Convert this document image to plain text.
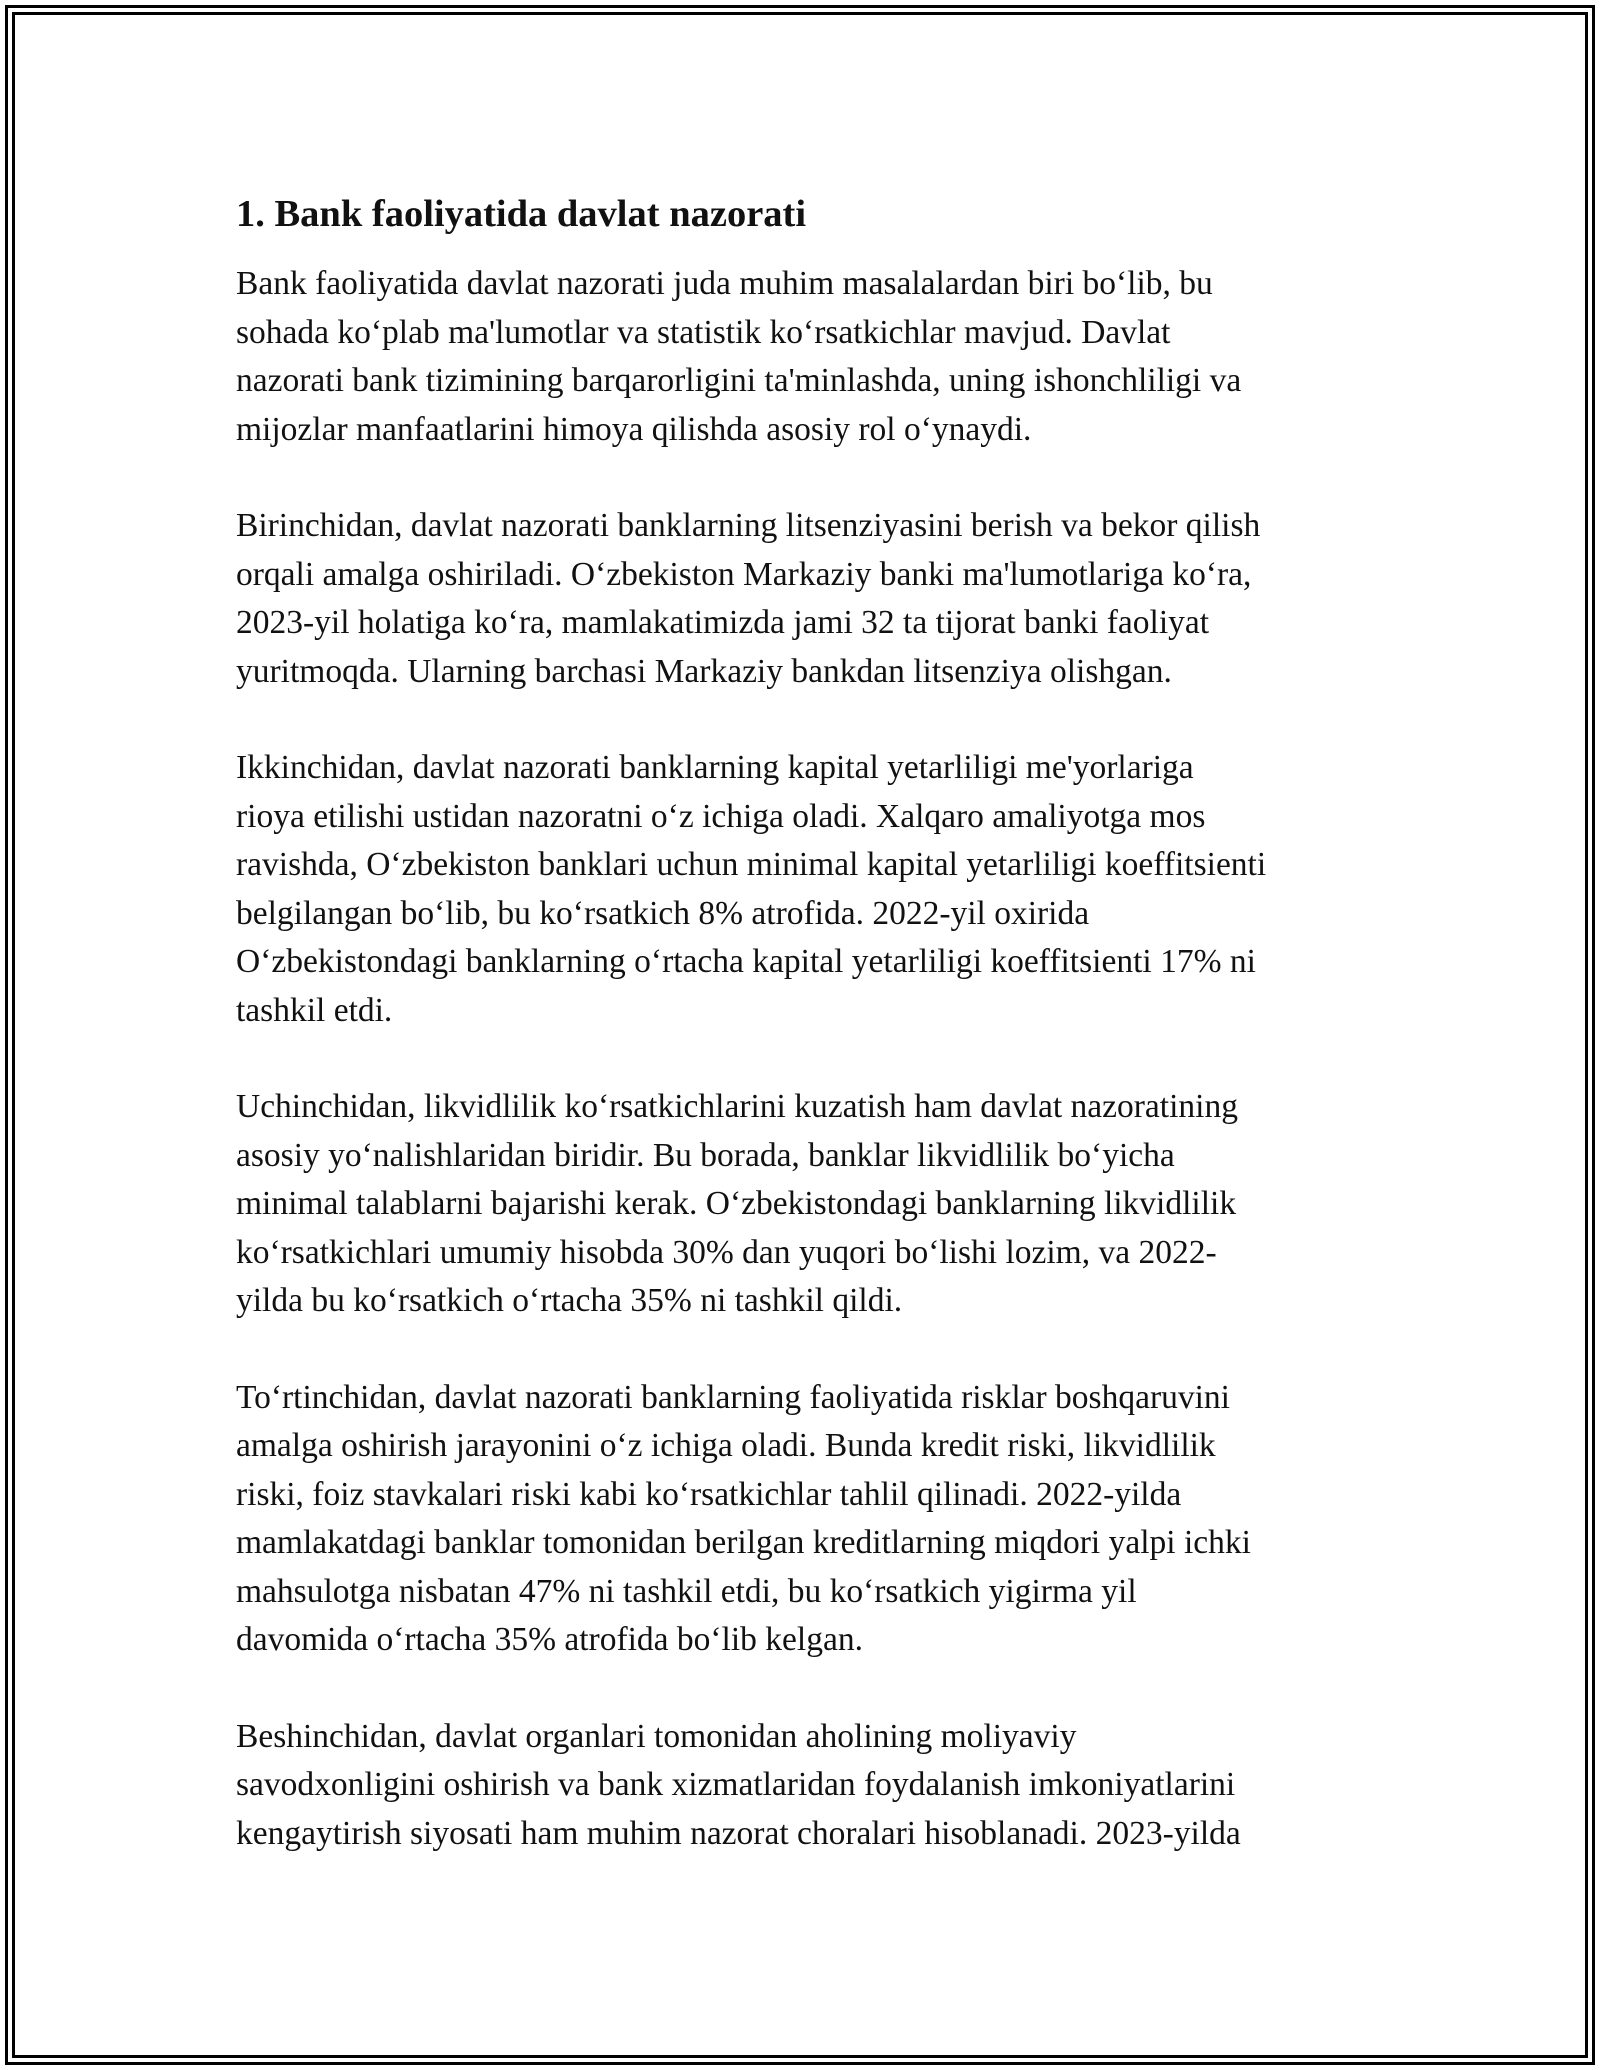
1. Bank faoliyatida davlat nazorati

Bank faoliyatida davlat nazorati juda muhim masalalardan biri boʻlib, bu
sohada koʻplab ma'lumotlar va statistik koʻrsatkichlar mavjud. Davlat
nazorati bank tizimining barqarorligini ta'minlashda, uning ishonchliligi va
mijozlar manfaatlarini himoya qilishda asosiy rol oʻynaydi.

Birinchidan, davlat nazorati banklarning litsenziyasini berish va bekor qilish
orqali amalga oshiriladi. Oʻzbekiston Markaziy banki ma'lumotlariga koʻra,
2023-yil holatiga koʻra, mamlakatimizda jami 32 ta tijorat banki faoliyat
yuritmoqda. Ularning barchasi Markaziy bankdan litsenziya olishgan.

Ikkinchidan, davlat nazorati banklarning kapital yetarliligi me'yorlariga
rioya etilishi ustidan nazoratni oʻz ichiga oladi. Xalqaro amaliyotga mos
ravishda, Oʻzbekiston banklari uchun minimal kapital yetarliligi koeffitsienti
belgilangan boʻlib, bu koʻrsatkich 8% atrofida. 2022-yil oxirida
Oʻzbekistondagi banklarning oʻrtacha kapital yetarliligi koeffitsienti 17% ni
tashkil etdi.

Uchinchidan, likvidlilik koʻrsatkichlarini kuzatish ham davlat nazoratining
asosiy yoʻnalishlaridan biridir. Bu borada, banklar likvidlilik boʻyicha
minimal talablarni bajarishi kerak. Oʻzbekistondagi banklarning likvidlilik
koʻrsatkichlari umumiy hisobda 30% dan yuqori boʻlishi lozim, va 2022-
yilda bu koʻrsatkich oʻrtacha 35% ni tashkil qildi.

Toʻrtinchidan, davlat nazorati banklarning faoliyatida risklar boshqaruvini
amalga oshirish jarayonini oʻz ichiga oladi. Bunda kredit riski, likvidlilik
riski, foiz stavkalari riski kabi koʻrsatkichlar tahlil qilinadi. 2022-yilda
mamlakatdagi banklar tomonidan berilgan kreditlarning miqdori yalpi ichki
mahsulotga nisbatan 47% ni tashkil etdi, bu koʻrsatkich yigirma yil
davomida oʻrtacha 35% atrofida boʻlib kelgan.

Beshinchidan, davlat organlari tomonidan aholining moliyaviy
savodxonligini oshirish va bank xizmatlaridan foydalanish imkoniyatlarini
kengaytirish siyosati ham muhim nazorat choralari hisoblanadi. 2023-yilda
